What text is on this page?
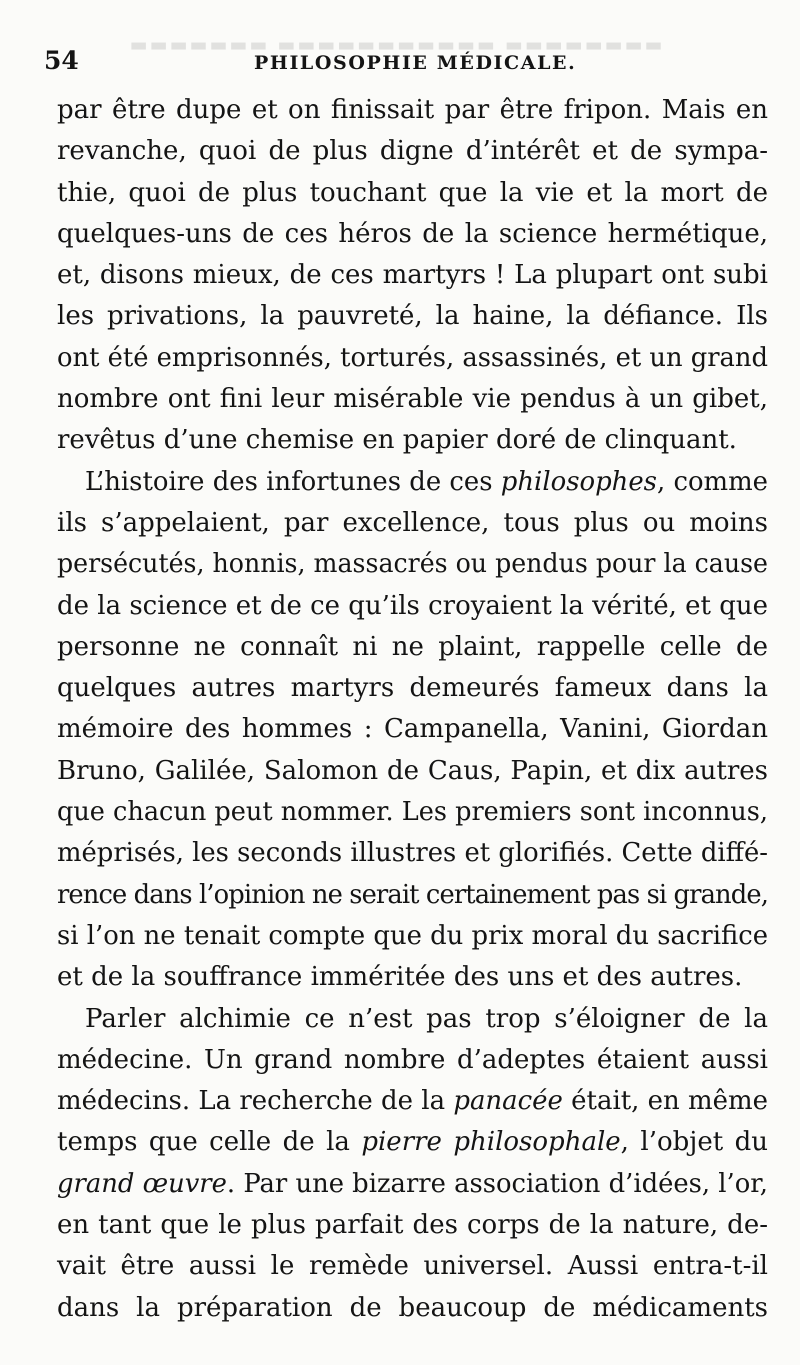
▬▬▬▬▬▬▬▬ ▬▬▬▬▬▬▬▬▬▬▬ ▬▬▬▬▬▬▬
54	PHILOSOPHIE MÉDICALE.
par être dupe et on finissait par être fripon. Mais en
revanche, quoi de plus digne d’intérêt et de sympa-
thie, quoi de plus touchant que la vie et la mort de
quelques-uns de ces héros de la science hermétique,
et, disons mieux, de ces martyrs ! La plupart ont subi
les privations, la pauvreté, la haine, la défiance. Ils
ont été emprisonnés, torturés, assassinés, et un grand
nombre ont fini leur misérable vie pendus à un gibet,
revêtus d’une chemise en papier doré de clinquant.
L’histoire des infortunes de ces philosophes, comme
ils s’appelaient, par excellence, tous plus ou moins
persécutés, honnis, massacrés ou pendus pour la cause
de la science et de ce qu’ils croyaient la vérité, et que
personne ne connaît ni ne plaint, rappelle celle de
quelques autres martyrs demeurés fameux dans la
mémoire des hommes : Campanella, Vanini, Giordan
Bruno, Galilée, Salomon de Caus, Papin, et dix autres
que chacun peut nommer. Les premiers sont inconnus,
méprisés, les seconds illustres et glorifiés. Cette diffé-
rence dans l’opinion ne serait certainement pas si grande,
si l’on ne tenait compte que du prix moral du sacrifice
et de la souffrance imméritée des uns et des autres.
Parler alchimie ce n’est pas trop s’éloigner de la
médecine. Un grand nombre d’adeptes étaient aussi
médecins. La recherche de la panacée était, en même
temps que celle de la pierre philosophale, l’objet du
grand œuvre. Par une bizarre association d’idées, l’or,
en tant que le plus parfait des corps de la nature, de-
vait être aussi le remède universel. Aussi entra-t-il
dans la préparation de beaucoup de médicaments
